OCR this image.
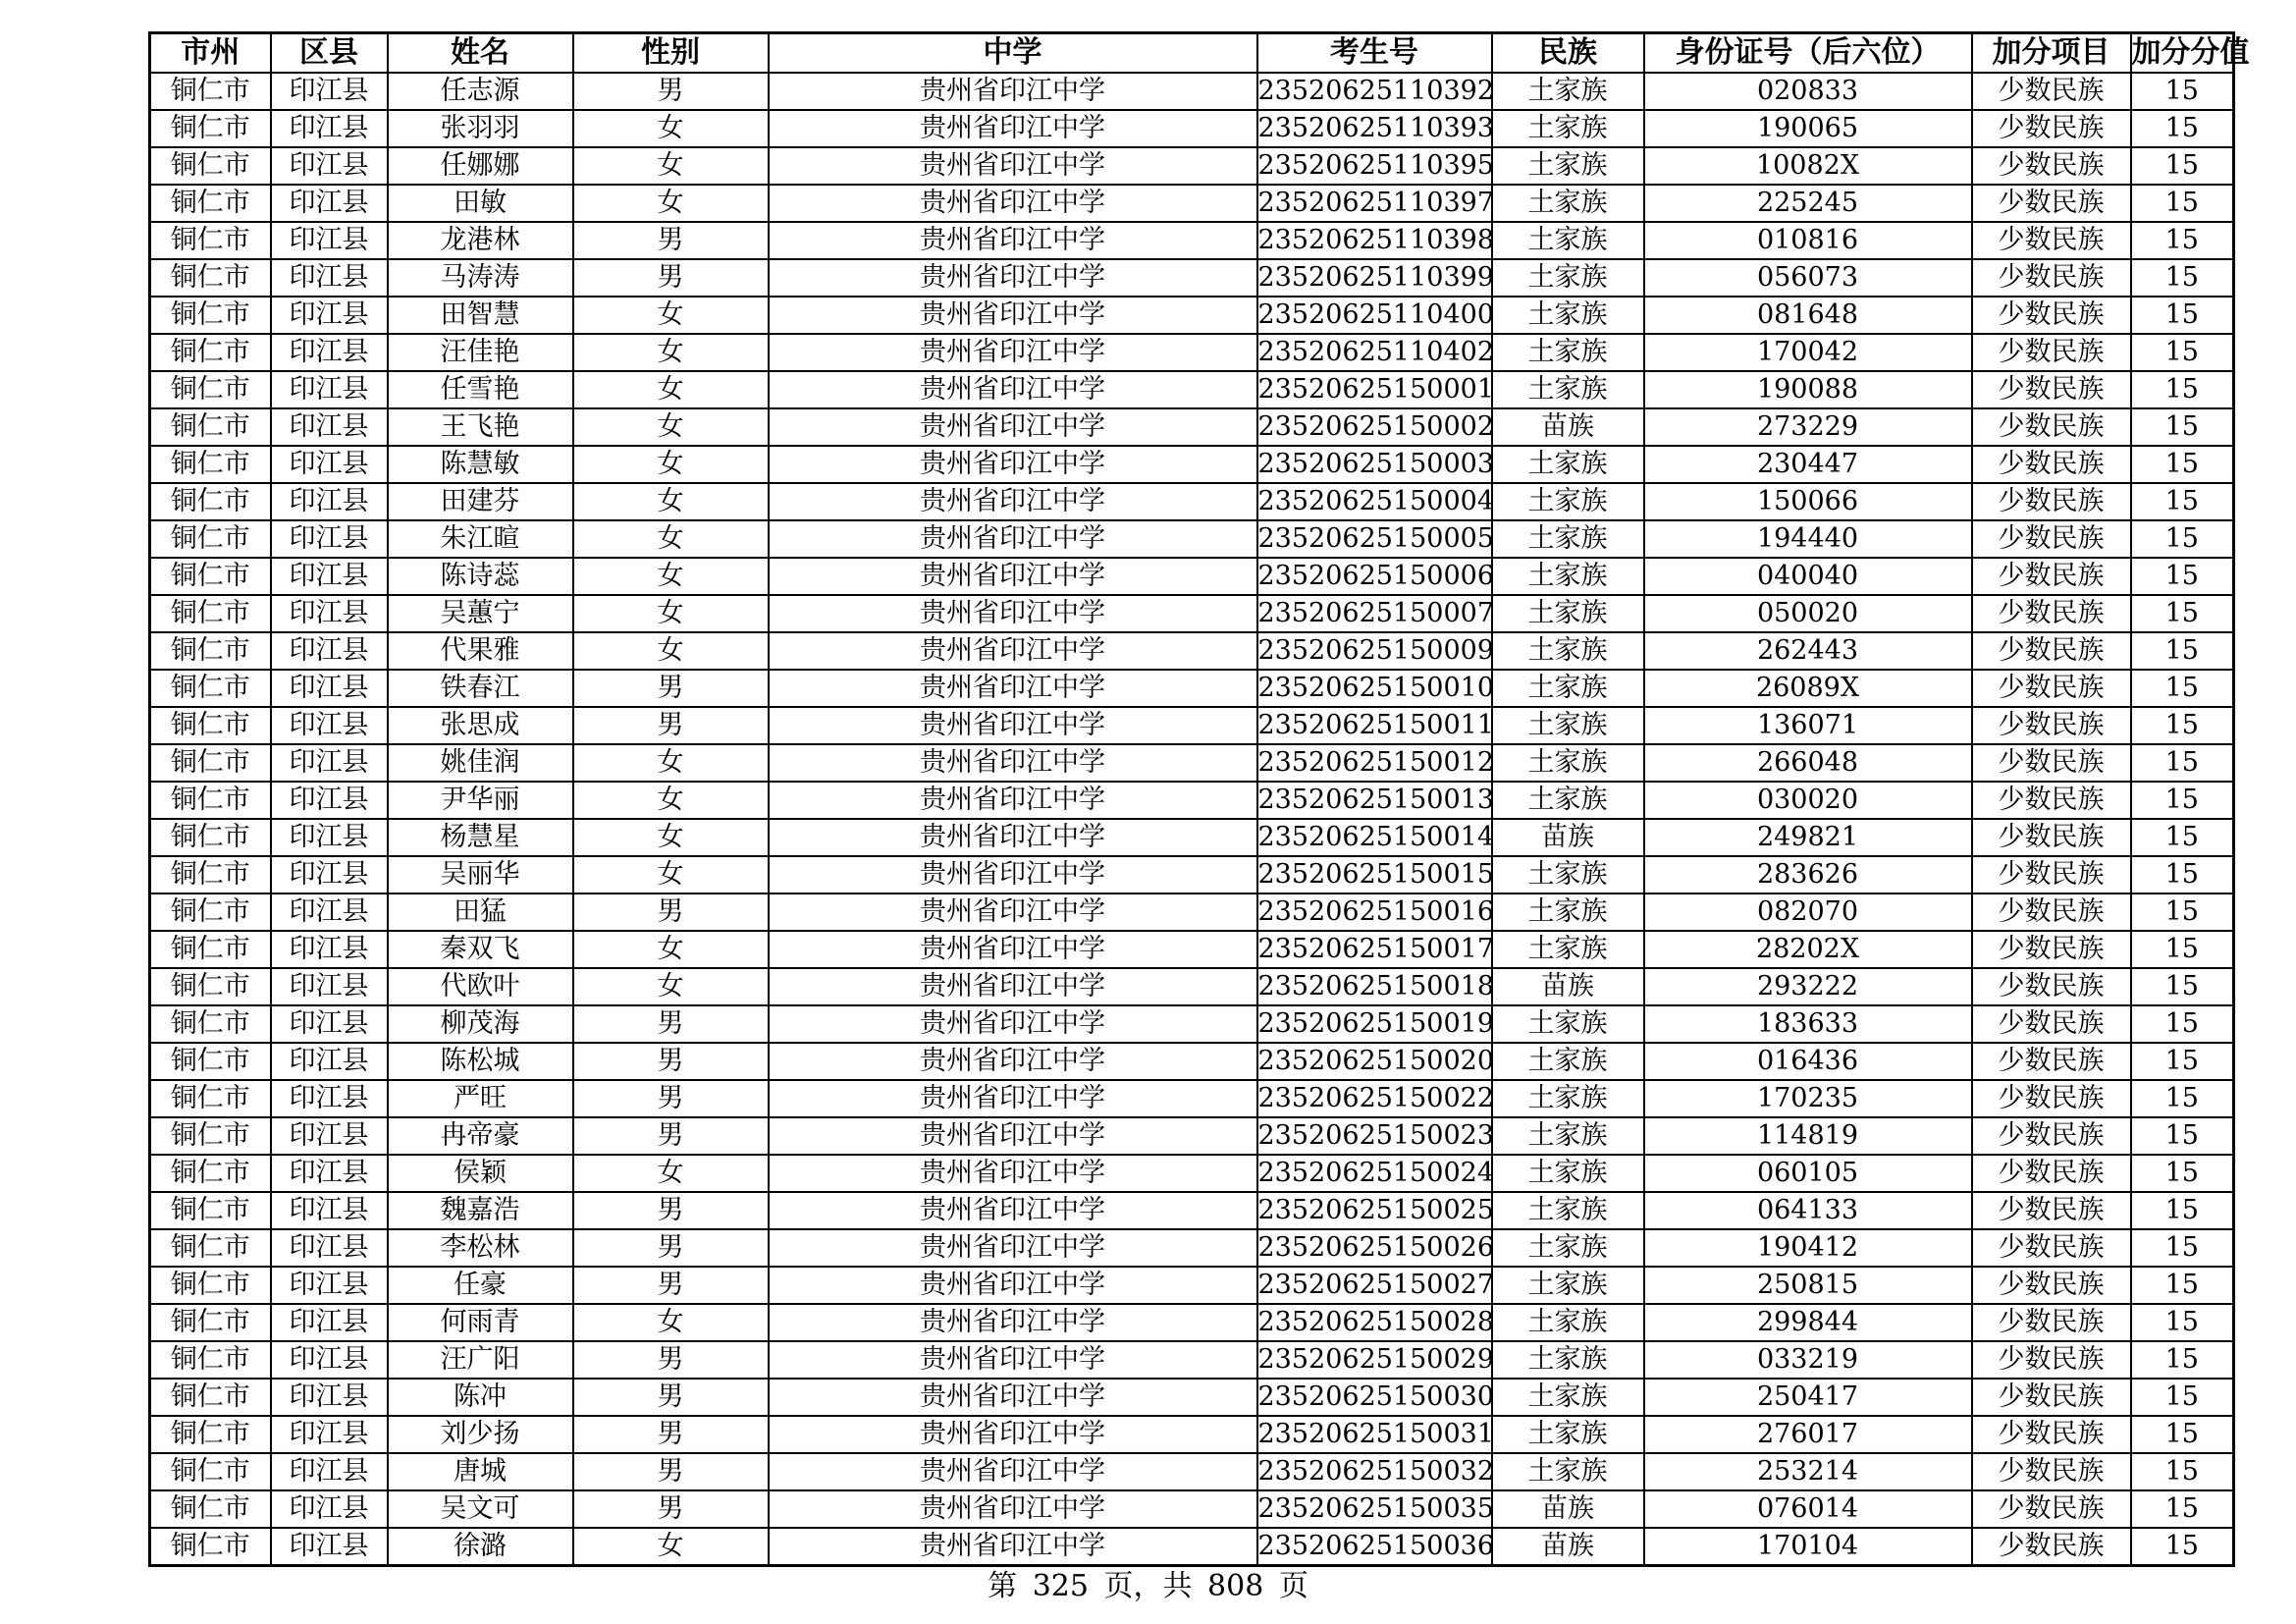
市州	区县	姓名	性别	中学	考生号	民族	身份证号（后六位）	加分项目	加分分值
铜仁市	印江县	任志源	男	贵州省印江中学	23520625110392	土家族	020833	少数民族	15
铜仁市	印江县	张羽羽	女	贵州省印江中学	23520625110393	土家族	190065	少数民族	15
铜仁市	印江县	任娜娜	女	贵州省印江中学	23520625110395	土家族	10082X	少数民族	15
铜仁市	印江县	田敏	女	贵州省印江中学	23520625110397	土家族	225245	少数民族	15
铜仁市	印江县	龙港林	男	贵州省印江中学	23520625110398	土家族	010816	少数民族	15
铜仁市	印江县	马涛涛	男	贵州省印江中学	23520625110399	土家族	056073	少数民族	15
铜仁市	印江县	田智慧	女	贵州省印江中学	23520625110400	土家族	081648	少数民族	15
铜仁市	印江县	汪佳艳	女	贵州省印江中学	23520625110402	土家族	170042	少数民族	15
铜仁市	印江县	任雪艳	女	贵州省印江中学	23520625150001	土家族	190088	少数民族	15
铜仁市	印江县	王飞艳	女	贵州省印江中学	23520625150002	苗族	273229	少数民族	15
铜仁市	印江县	陈慧敏	女	贵州省印江中学	23520625150003	土家族	230447	少数民族	15
铜仁市	印江县	田建芬	女	贵州省印江中学	23520625150004	土家族	150066	少数民族	15
铜仁市	印江县	朱江暄	女	贵州省印江中学	23520625150005	土家族	194440	少数民族	15
铜仁市	印江县	陈诗蕊	女	贵州省印江中学	23520625150006	土家族	040040	少数民族	15
铜仁市	印江县	吴蕙宁	女	贵州省印江中学	23520625150007	土家族	050020	少数民族	15
铜仁市	印江县	代果雅	女	贵州省印江中学	23520625150009	土家族	262443	少数民族	15
铜仁市	印江县	铁春江	男	贵州省印江中学	23520625150010	土家族	26089X	少数民族	15
铜仁市	印江县	张思成	男	贵州省印江中学	23520625150011	土家族	136071	少数民族	15
铜仁市	印江县	姚佳润	女	贵州省印江中学	23520625150012	土家族	266048	少数民族	15
铜仁市	印江县	尹华丽	女	贵州省印江中学	23520625150013	土家族	030020	少数民族	15
铜仁市	印江县	杨慧星	女	贵州省印江中学	23520625150014	苗族	249821	少数民族	15
铜仁市	印江县	吴丽华	女	贵州省印江中学	23520625150015	土家族	283626	少数民族	15
铜仁市	印江县	田猛	男	贵州省印江中学	23520625150016	土家族	082070	少数民族	15
铜仁市	印江县	秦双飞	女	贵州省印江中学	23520625150017	土家族	28202X	少数民族	15
铜仁市	印江县	代欧叶	女	贵州省印江中学	23520625150018	苗族	293222	少数民族	15
铜仁市	印江县	柳茂海	男	贵州省印江中学	23520625150019	土家族	183633	少数民族	15
铜仁市	印江县	陈松城	男	贵州省印江中学	23520625150020	土家族	016436	少数民族	15
铜仁市	印江县	严旺	男	贵州省印江中学	23520625150022	土家族	170235	少数民族	15
铜仁市	印江县	冉帝豪	男	贵州省印江中学	23520625150023	土家族	114819	少数民族	15
铜仁市	印江县	侯颖	女	贵州省印江中学	23520625150024	土家族	060105	少数民族	15
铜仁市	印江县	魏嘉浩	男	贵州省印江中学	23520625150025	土家族	064133	少数民族	15
铜仁市	印江县	李松林	男	贵州省印江中学	23520625150026	土家族	190412	少数民族	15
铜仁市	印江县	任豪	男	贵州省印江中学	23520625150027	土家族	250815	少数民族	15
铜仁市	印江县	何雨青	女	贵州省印江中学	23520625150028	土家族	299844	少数民族	15
铜仁市	印江县	汪广阳	男	贵州省印江中学	23520625150029	土家族	033219	少数民族	15
铜仁市	印江县	陈冲	男	贵州省印江中学	23520625150030	土家族	250417	少数民族	15
铜仁市	印江县	刘少扬	男	贵州省印江中学	23520625150031	土家族	276017	少数民族	15
铜仁市	印江县	唐城	男	贵州省印江中学	23520625150032	土家族	253214	少数民族	15
铜仁市	印江县	吴文可	男	贵州省印江中学	23520625150035	苗族	076014	少数民族	15
铜仁市	印江县	徐潞	女	贵州省印江中学	23520625150036	苗族	170104	少数民族	15
第 325 页，共 808 页
